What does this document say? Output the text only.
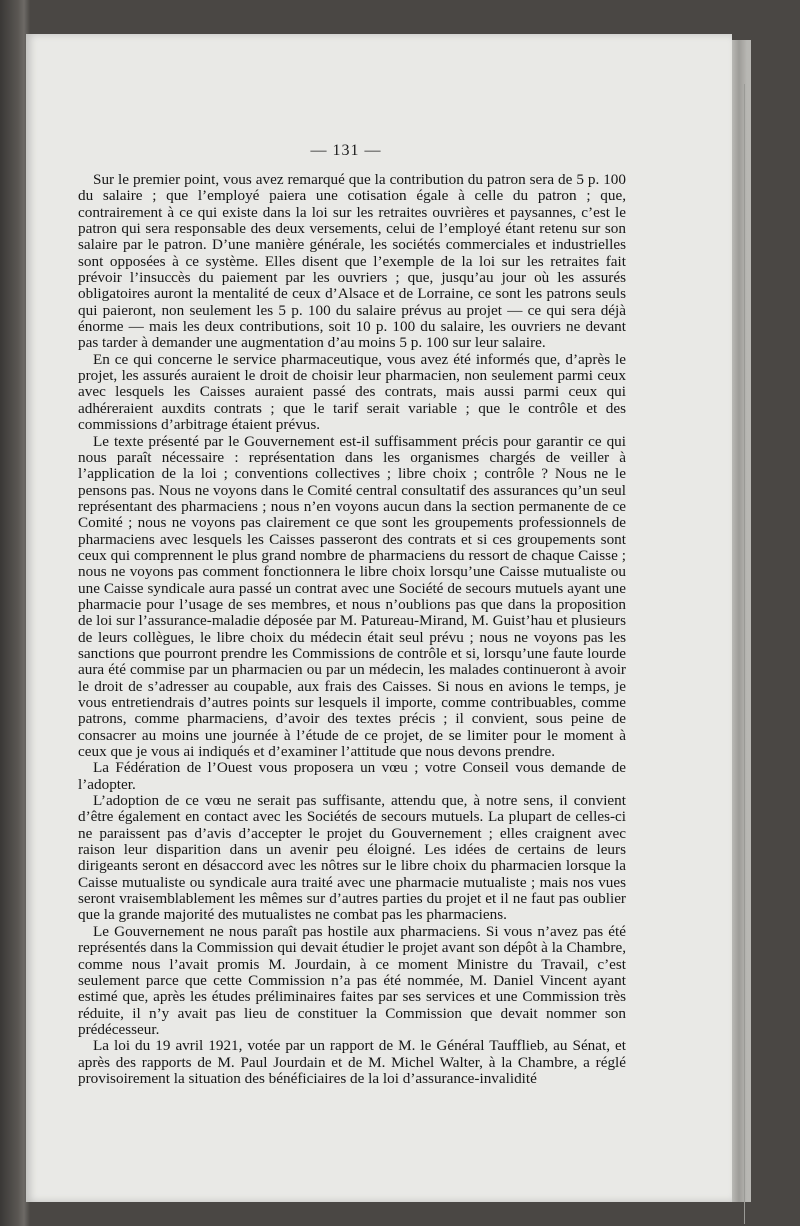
— 131 —

Sur le premier point, vous avez remarqué que la contribution du patron sera de 5 p. 100 du salaire ; que l’employé paiera une cotisation égale à celle du patron ; que, contrairement à ce qui existe dans la loi sur les retraites ouvrières et paysannes, c’est le patron qui sera responsable des deux versements, celui de l’employé étant retenu sur son salaire par le patron. D’une manière générale, les sociétés commerciales et industrielles sont opposées à ce système. Elles disent que l’exemple de la loi sur les retraites fait prévoir l’insuccès du paiement par les ouvriers ; que, jusqu’au jour où les assurés obligatoires auront la mentalité de ceux d’Alsace et de Lorraine, ce sont les patrons seuls qui paieront, non seulement les 5 p. 100 du salaire prévus au projet — ce qui sera déjà énorme — mais les deux contributions, soit 10 p. 100 du salaire, les ouvriers ne devant pas tarder à demander une augmentation d’au moins 5 p. 100 sur leur salaire.

En ce qui concerne le service pharmaceutique, vous avez été informés que, d’après le projet, les assurés auraient le droit de choisir leur pharmacien, non seulement parmi ceux avec lesquels les Caisses auraient passé des contrats, mais aussi parmi ceux qui adhéreraient auxdits contrats ; que le tarif serait variable ; que le contrôle et des commissions d’arbitrage étaient prévus.

Le texte présenté par le Gouvernement est-il suffisamment précis pour garantir ce qui nous paraît nécessaire : représentation dans les organismes chargés de veiller à l’application de la loi ; conventions collectives ; libre choix ; contrôle ? Nous ne le pensons pas. Nous ne voyons dans le Comité central consultatif des assurances qu’un seul représentant des pharmaciens ; nous n’en voyons aucun dans la section permanente de ce Comité ; nous ne voyons pas clairement ce que sont les groupements professionnels de pharmaciens avec lesquels les Caisses passeront des contrats et si ces groupements sont ceux qui comprennent le plus grand nombre de pharmaciens du ressort de chaque Caisse ; nous ne voyons pas comment fonctionnera le libre choix lorsqu’une Caisse mutualiste ou une Caisse syndicale aura passé un contrat avec une Société de secours mutuels ayant une pharmacie pour l’usage de ses membres, et nous n’oublions pas que dans la proposition de loi sur l’assurance-maladie déposée par M. Patureau-Mirand, M. Guist’hau et plusieurs de leurs collègues, le libre choix du médecin était seul prévu ; nous ne voyons pas les sanctions que pourront prendre les Commissions de contrôle et si, lorsqu’une faute lourde aura été commise par un pharmacien ou par un médecin, les malades continueront à avoir le droit de s’adresser au coupable, aux frais des Caisses. Si nous en avions le temps, je vous entretiendrais d’autres points sur lesquels il importe, comme contribuables, comme patrons, comme pharmaciens, d’avoir des textes précis ; il convient, sous peine de consacrer au moins une journée à l’étude de ce projet, de se limiter pour le moment à ceux que je vous ai indiqués et d’examiner l’attitude que nous devons prendre.

La Fédération de l’Ouest vous proposera un vœu ; votre Conseil vous demande de l’adopter.

L’adoption de ce vœu ne serait pas suffisante, attendu que, à notre sens, il convient d’être également en contact avec les Sociétés de secours mutuels. La plupart de celles-ci ne paraissent pas d’avis d’accepter le projet du Gouvernement ; elles craignent avec raison leur disparition dans un avenir peu éloigné. Les idées de certains de leurs dirigeants seront en désaccord avec les nôtres sur le libre choix du pharmacien lorsque la Caisse mutualiste ou syndicale aura traité avec une pharmacie mutualiste ; mais nos vues seront vraisemblablement les mêmes sur d’autres parties du projet et il ne faut pas oublier que la grande majorité des mutualistes ne combat pas les pharmaciens.

Le Gouvernement ne nous paraît pas hostile aux pharmaciens. Si vous n’avez pas été représentés dans la Commission qui devait étudier le projet avant son dépôt à la Chambre, comme nous l’avait promis M. Jourdain, à ce moment Ministre du Travail, c’est seulement parce que cette Commission n’a pas été nommée, M. Daniel Vincent ayant estimé que, après les études préliminaires faites par ses services et une Commission très réduite, il n’y avait pas lieu de constituer la Commission que devait nommer son prédécesseur.

La loi du 19 avril 1921, votée par un rapport de M. le Général Taufflieb, au Sénat, et après des rapports de M. Paul Jourdain et de M. Michel Walter, à la Chambre, a réglé provisoirement la situation des bénéficiaires de la loi d’assurance-invalidité
